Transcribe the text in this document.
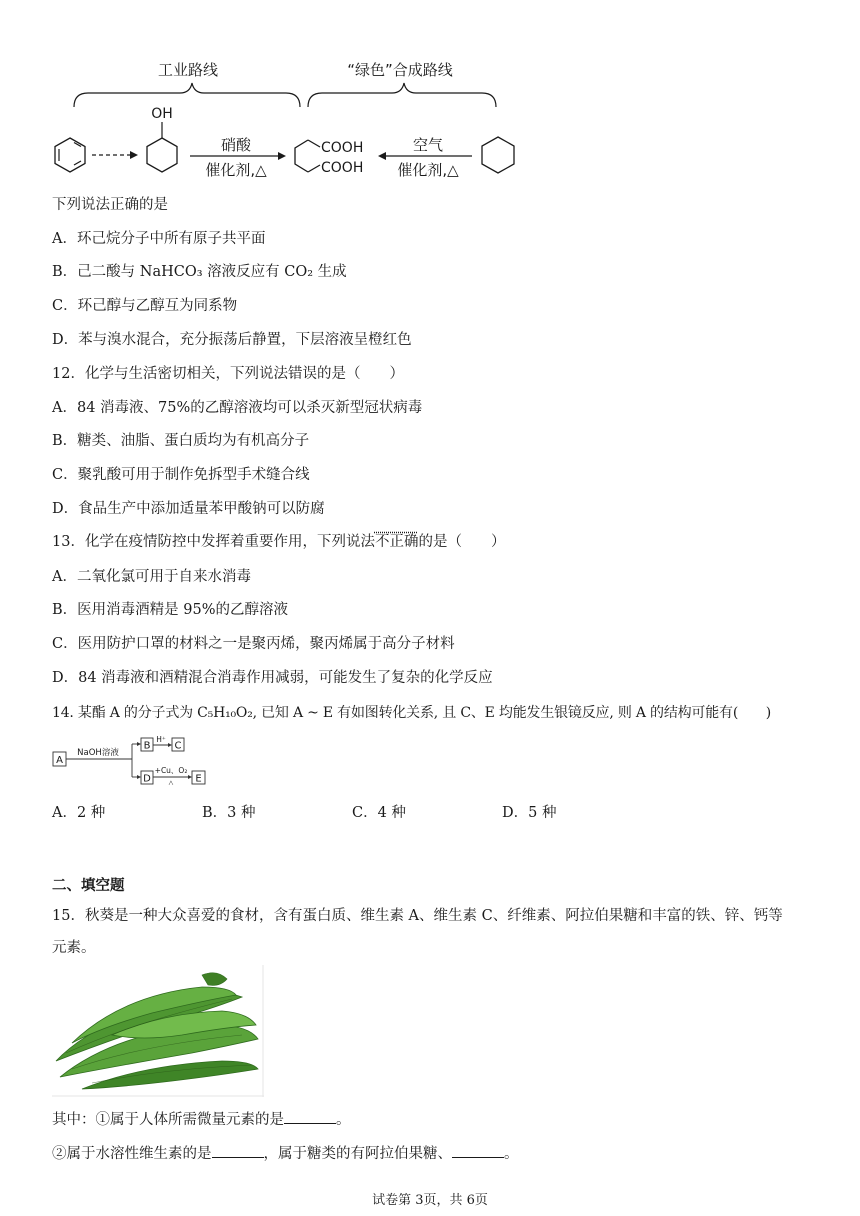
工业路线	“绿色”合成路线
OH
硝酸
催化剂,△
COOH
COOH
空气
催化剂,△
下列说法正确的是
A．环己烷分子中所有原子共平面
B．己二酸与 NaHCO₃ 溶液反应有 CO₂ 生成
C．环己醇与乙醇互为同系物
D．苯与溴水混合，充分振荡后静置，下层溶液呈橙红色
12．化学与生活密切相关，下列说法错误的是（　　）
A．84 消毒液、75%的乙醇溶液均可以杀灭新型冠状病毒
B．糖类、油脂、蛋白质均为有机高分子
C．聚乳酸可用于制作免拆型手术缝合线
D．食品生产中添加适量苯甲酸钠可以防腐
13．化学在疫情防控中发挥着重要作用，下列说法不正确的是（　　）
A．二氧化氯可用于自来水消毒
B．医用消毒酒精是 95%的乙醇溶液
C．医用防护口罩的材料之一是聚丙烯，聚丙烯属于高分子材料
D．84 消毒液和酒精混合消毒作用减弱，可能发生了复杂的化学反应
14. 某酯 A 的分子式为 C₅H₁₀O₂, 已知 A ~ E 有如图转化关系, 且 C、E 均能发生银镜反应, 则 A 的结构可能有(　　)
A
NaOH溶液
B
H⁺
C
D
+Cu、O₂
△ E
A．2 种	B．3 种	C．4 种	D．5 种
二、填空题
15．秋葵是一种大众喜爱的食材，含有蛋白质、维生素 A、维生素 C、纤维素、阿拉伯果糖和丰富的铁、锌、钙等
元素。
其中：①属于人体所需微量元素的是	。
②属于水溶性维生素的是	，属于糖类的有阿拉伯果糖、	。
试卷第 3页，共 6页
